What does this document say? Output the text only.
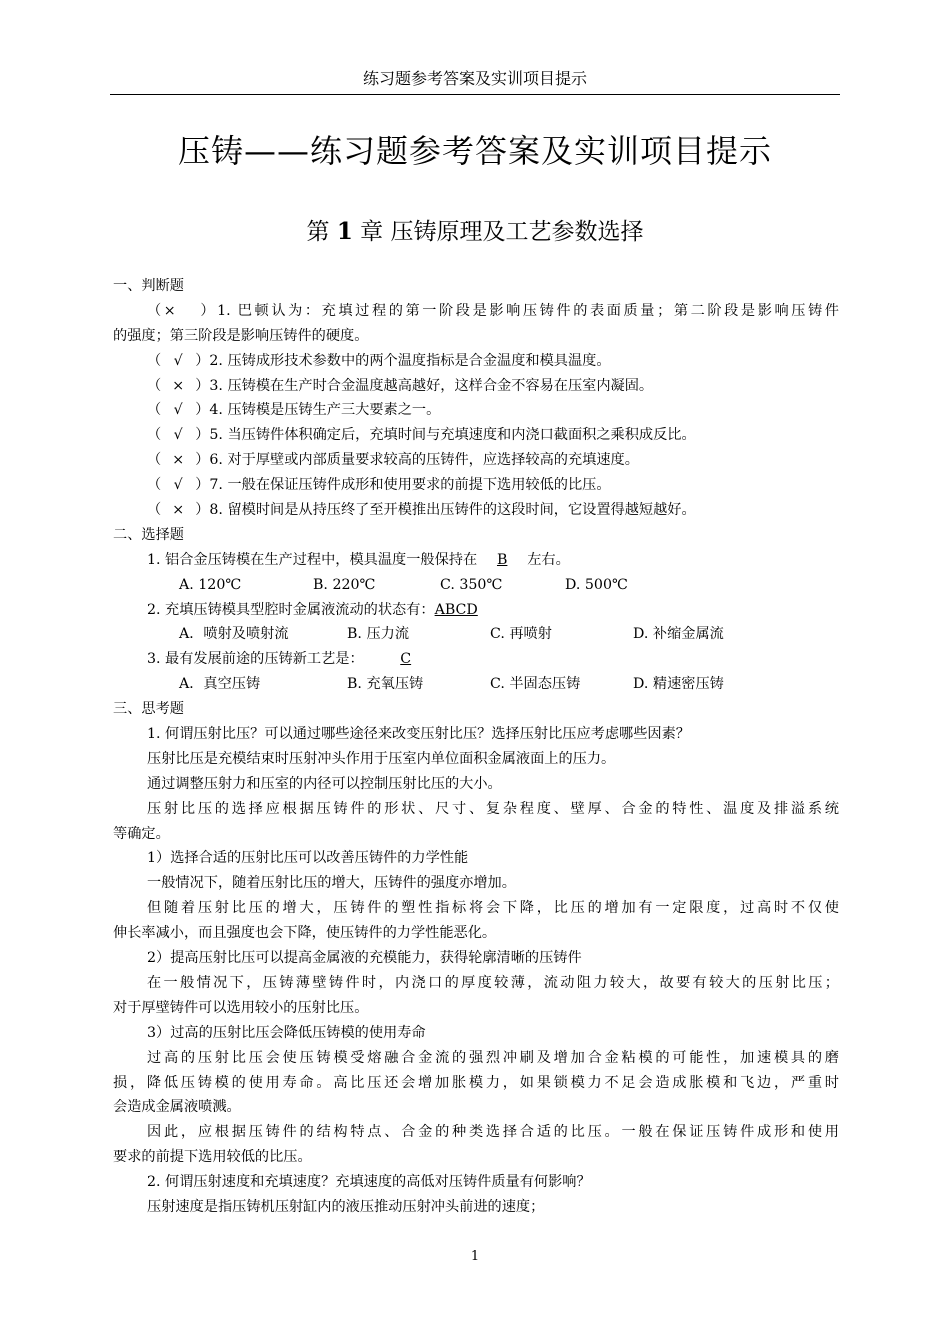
练习题参考答案及实训项目提示
压铸——练习题参考答案及实训项目提示
第 1 章 压铸原理及工艺参数选择
一、判断题
（× ）1. 巴顿认为：充填过程的第一阶段是影响压铸件的表面质量；第二阶段是影响压铸件
的强度；第三阶段是影响压铸件的硬度。
（ √ ）2. 压铸成形技术参数中的两个温度指标是合金温度和模具温度。
（ × ）3. 压铸模在生产时合金温度越高越好，这样合金不容易在压室内凝固。
（ √ ）4. 压铸模是压铸生产三大要素之一。
（ √ ）5. 当压铸件体积确定后，充填时间与充填速度和内浇口截面积之乘积成反比。
（ × ）6. 对于厚壁或内部质量要求较高的压铸件，应选择较高的充填速度。
（ √ ）7. 一般在保证压铸件成形和使用要求的前提下选用较低的比压。
（ × ）8. 留模时间是从持压终了至开模推出压铸件的这段时间，它设置得越短越好。
二、选择题
1. 铝合金压铸模在生产过程中，模具温度一般保持在 B 左右。
A. 120℃	B. 220℃	C. 350℃	D. 500℃
2. 充填压铸模具型腔时金属液流动的状态有：ABCD
A．喷射及喷射流	B. 压力流	C. 再喷射	D. 补缩金属流
3. 最有发展前途的压铸新工艺是：	C
A．真空压铸	B. 充氧压铸	C. 半固态压铸	D. 精速密压铸
三、思考题
1. 何谓压射比压？可以通过哪些途径来改变压射比压？选择压射比压应考虑哪些因素？
压射比压是充模结束时压射冲头作用于压室内单位面积金属液面上的压力。
通过调整压射力和压室的内径可以控制压射比压的大小。
压射比压的选择应根据压铸件的形状、尺寸、复杂程度、壁厚、合金的特性、温度及排溢系统
等确定。
1）选择合适的压射比压可以改善压铸件的力学性能
一般情况下，随着压射比压的增大，压铸件的强度亦增加。
但随着压射比压的增大，压铸件的塑性指标将会下降，比压的增加有一定限度，过高时不仅使
伸长率减小，而且强度也会下降，使压铸件的力学性能恶化。
2）提高压射比压可以提高金属液的充模能力，获得轮廓清晰的压铸件
在一般情况下，压铸薄壁铸件时，内浇口的厚度较薄，流动阻力较大，故要有较大的压射比压；
对于厚壁铸件可以选用较小的压射比压。
3）过高的压射比压会降低压铸模的使用寿命
过高的压射比压会使压铸模受熔融合金流的强烈冲刷及增加合金粘模的可能性，加速模具的磨
损，降低压铸模的使用寿命。高比压还会增加胀模力，如果锁模力不足会造成胀模和飞边，严重时
会造成金属液喷溅。
因此，应根据压铸件的结构特点、合金的种类选择合适的比压。一般在保证压铸件成形和使用
要求的前提下选用较低的比压。
2. 何谓压射速度和充填速度？充填速度的高低对压铸件质量有何影响？
压射速度是指压铸机压射缸内的液压推动压射冲头前进的速度；
1
